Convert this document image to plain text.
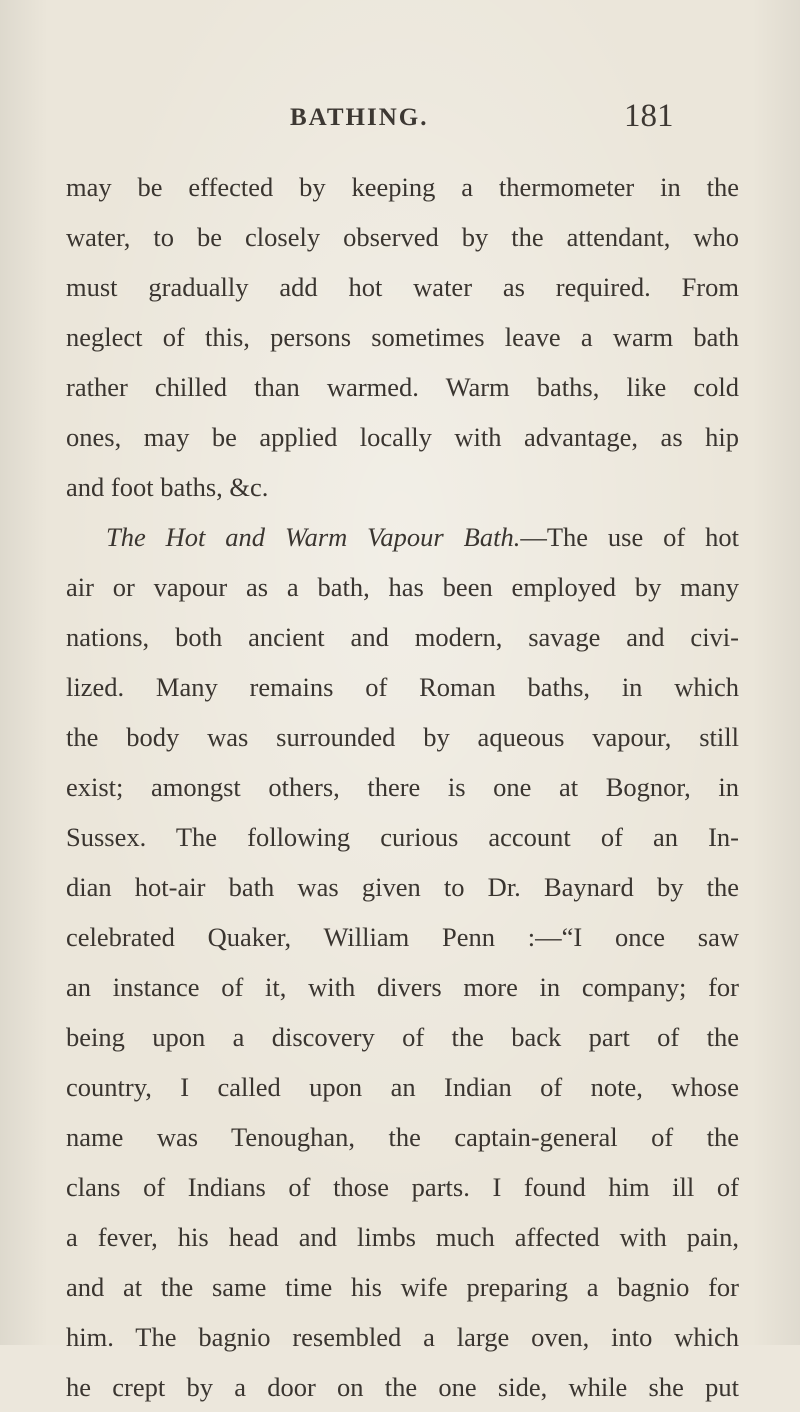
BATHING.	181
may be effected by keeping a thermometer in the
water, to be closely observed by the attendant, who
must gradually add hot water as required. From
neglect of this, persons sometimes leave a warm bath
rather chilled than warmed. Warm baths, like cold
ones, may be applied locally with advantage, as hip
and foot baths, &c.
The Hot and Warm Vapour Bath.—The use of hot
air or vapour as a bath, has been employed by many
nations, both ancient and modern, savage and civi-
lized. Many remains of Roman baths, in which
the body was surrounded by aqueous vapour, still
exist; amongst others, there is one at Bognor, in
Sussex. The following curious account of an In-
dian hot-air bath was given to Dr. Baynard by the
celebrated Quaker, William Penn :—“I once saw
an instance of it, with divers more in company; for
being upon a discovery of the back part of the
country, I called upon an Indian of note, whose
name was Tenoughan, the captain-general of the
clans of Indians of those parts. I found him ill of
a fever, his head and limbs much affected with pain,
and at the same time his wife preparing a bagnio for
him. The bagnio resembled a large oven, into which
he crept by a door on the one side, while she put
